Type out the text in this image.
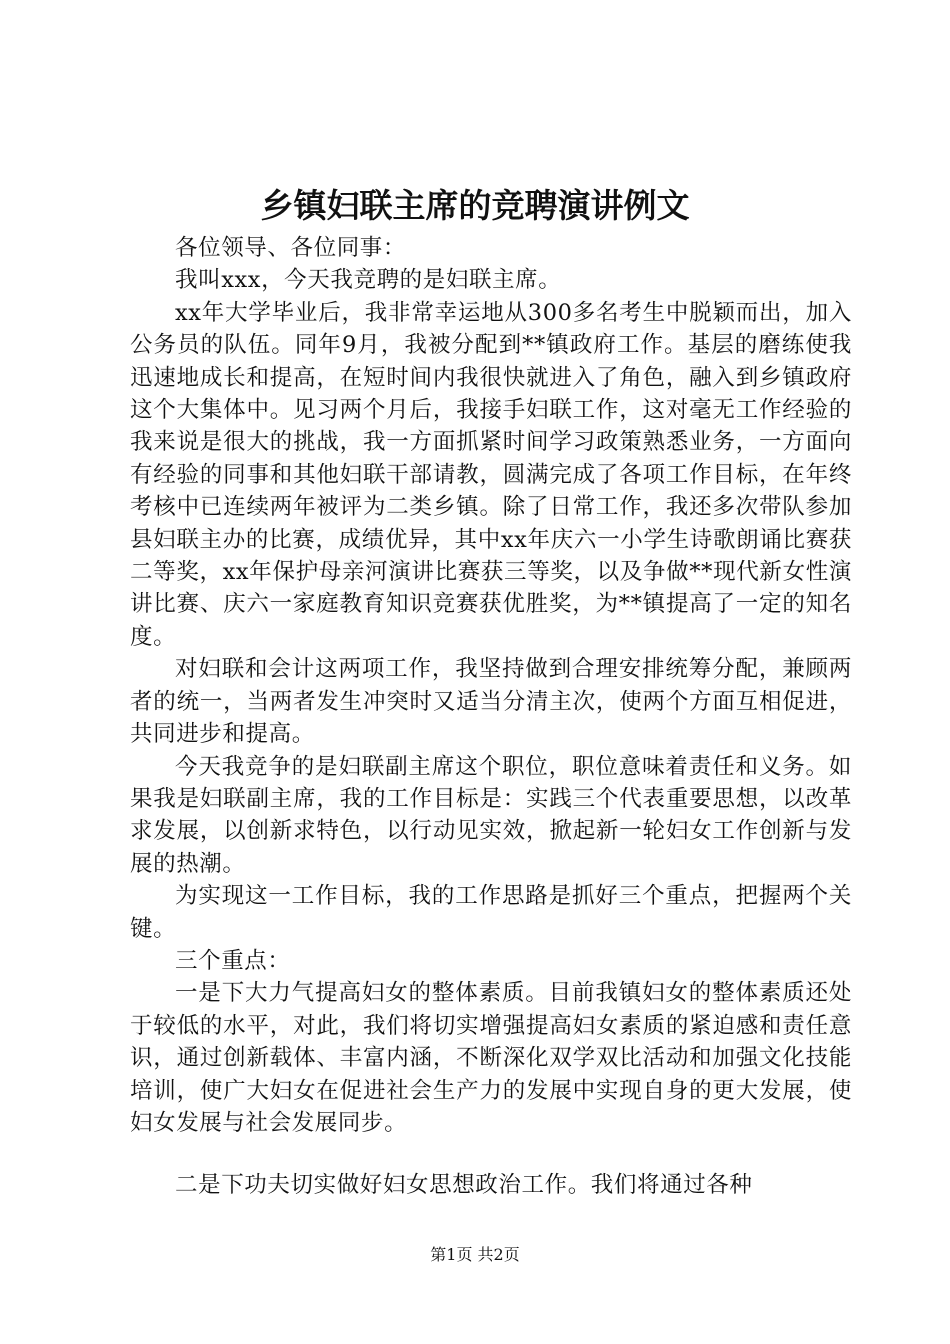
乡镇妇联主席的竞聘演讲例文

各位领导、各位同事：

我叫xxx，今天我竞聘的是妇联主席。

xx年大学毕业后，我非常幸运地从300多名考生中脱颖而出，加入公务员的队伍。同年9月，我被分配到**镇政府工作。基层的磨练使我迅速地成长和提高，在短时间内我很快就进入了角色，融入到乡镇政府这个大集体中。见习两个月后，我接手妇联工作，这对毫无工作经验的我来说是很大的挑战，我一方面抓紧时间学习政策熟悉业务，一方面向有经验的同事和其他妇联干部请教，圆满完成了各项工作目标，在年终考核中已连续两年被评为二类乡镇。除了日常工作，我还多次带队参加县妇联主办的比赛，成绩优异，其中xx年庆六一小学生诗歌朗诵比赛获二等奖，xx年保护母亲河演讲比赛获三等奖，以及争做**现代新女性演讲比赛、庆六一家庭教育知识竞赛获优胜奖，为**镇提高了一定的知名度。

对妇联和会计这两项工作，我坚持做到合理安排统筹分配，兼顾两者的统一，当两者发生冲突时又适当分清主次，使两个方面互相促进，共同进步和提高。

今天我竞争的是妇联副主席这个职位，职位意味着责任和义务。如果我是妇联副主席，我的工作目标是：实践三个代表重要思想，以改革求发展，以创新求特色，以行动见实效，掀起新一轮妇女工作创新与发展的热潮。

为实现这一工作目标，我的工作思路是抓好三个重点，把握两个关键。

三个重点：

一是下大力气提高妇女的整体素质。目前我镇妇女的整体素质还处于较低的水平，对此，我们将切实增强提高妇女素质的紧迫感和责任意识，通过创新载体、丰富内涵，不断深化双学双比活动和加强文化技能培训，使广大妇女在促进社会生产力的发展中实现自身的更大发展，使妇女发展与社会发展同步。

二是下功夫切实做好妇女思想政治工作。我们将通过各种

第1页 共2页
